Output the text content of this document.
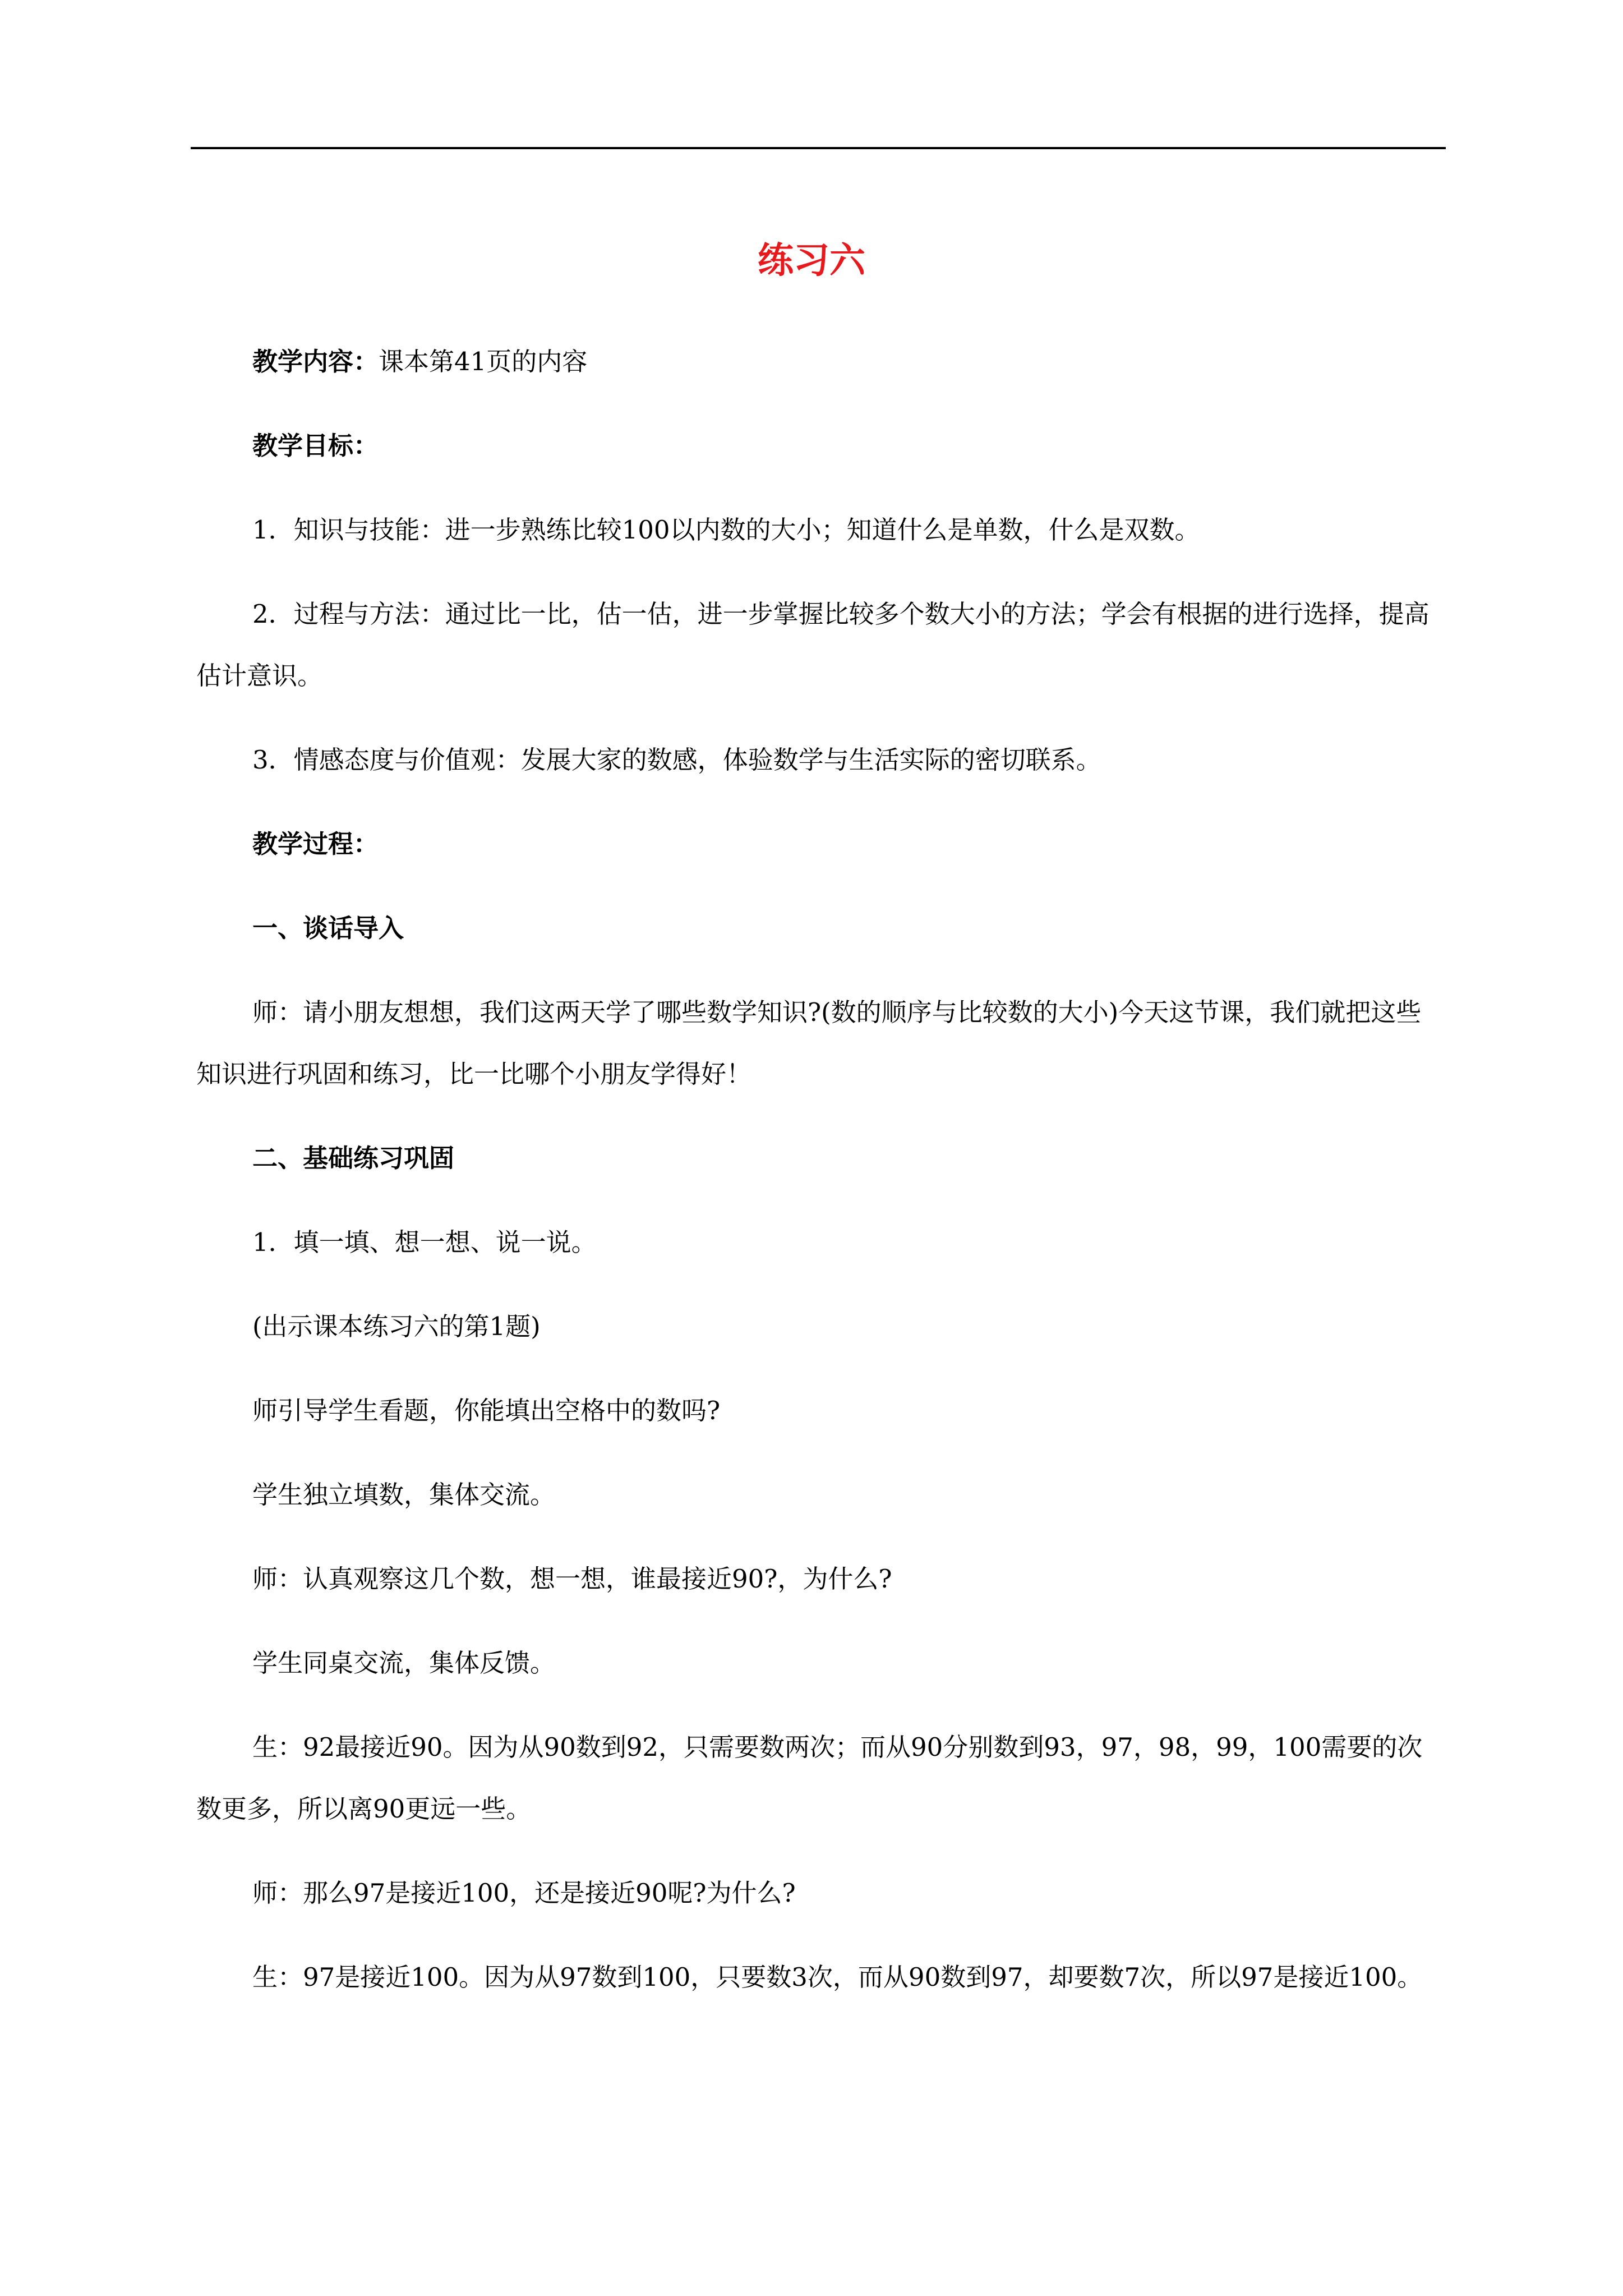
练习六

教学内容：课本第41页的内容

教学目标：

1．知识与技能：进一步熟练比较100以内数的大小；知道什么是单数，什么是双数。

2．过程与方法：通过比一比，估一估，进一步掌握比较多个数大小的方法；学会有根据的进行选择，提高估计意识。

3．情感态度与价值观：发展大家的数感，体验数学与生活实际的密切联系。

教学过程：

一、谈话导入

师：请小朋友想想，我们这两天学了哪些数学知识?(数的顺序与比较数的大小)今天这节课，我们就把这些知识进行巩固和练习，比一比哪个小朋友学得好！

二、基础练习巩固

1．填一填、想一想、说一说。

(出示课本练习六的第1题)

师引导学生看题，你能填出空格中的数吗?

学生独立填数，集体交流。

师：认真观察这几个数，想一想，谁最接近90?，为什么?

学生同桌交流，集体反馈。

生：92最接近90。因为从90数到92，只需要数两次；而从90分别数到93，97，98，99，100需要的次数更多，所以离90更远一些。

师：那么97是接近100，还是接近90呢?为什么?

生：97是接近100。因为从97数到100，只要数3次，而从90数到97，却要数7次，所以97是接近100。
